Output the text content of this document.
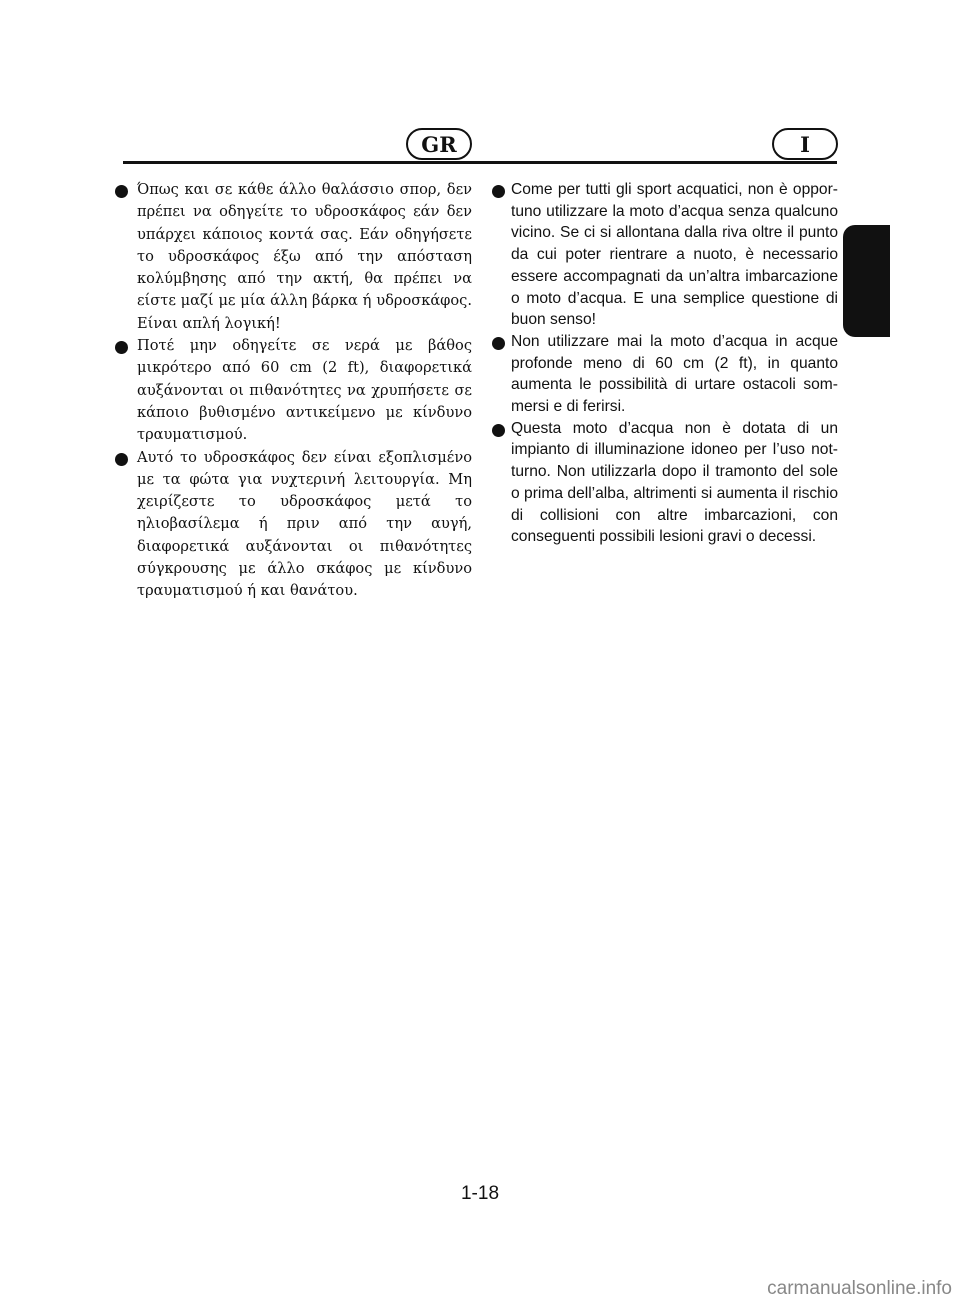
GR	I
Όπως και σε κάθε άλλο θαλάσσιο σπορ, δεν πρέπει να οδηγείτε το υδροσκάφος εάν δεν υπάρχει κάποιος κοντά σας. Εάν οδηγήσετε το υδροσκάφος έξω από την απόσταση κολύμβησης από την ακτή, θα πρέπει να είστε μαζί με μία άλλη βάρκα ή υδροσκάφος. Είναι απλή λογική!
Ποτέ μην οδηγείτε σε νερά με βάθος μικρότερο από 60 cm (2 ft), διαφορετικά αυξάνονται οι πιθανότητες να χρυπήσετε σε κάποιο βυθισμένο αντικείμενο με κίνδυνο τραυματισμού.
Αυτό το υδροσκάφος δεν είναι εξοπλισμένο με τα φώτα για νυχτερινή λειτουργία. Μη χειρίζεστε το υδροσκάφος μετά το ηλιοβασίλεμα ή πριν από την αυγή, διαφορετικά αυξάνονται οι πιθανότητες σύγκρουσης με άλλο σκάφος με κίνδυνο τραυματισμού ή και θανάτου.
Come per tutti gli sport acquatici, non è opportuno utilizzare la moto d’acqua senza qualcuno vicino. Se ci si allontana dalla riva oltre il punto da cui poter rientrare a nuoto, è necessario essere accompagnati da un’altra imbarcazione o moto d’acqua. E una semplice questione di buon senso!
Non utilizzare mai la moto d’acqua in acque profonde meno di 60 cm (2 ft), in quanto aumenta le possibilità di urtare ostacoli sommersi e di ferirsi.
Questa moto d’acqua non è dotata di un impianto di illuminazione idoneo per l’uso notturno. Non utilizzarla dopo il tramonto del sole o prima dell’alba, altrimenti si aumenta il rischio di collisioni con altre imbarcazioni, con conseguenti possibili lesioni gravi o decessi.
1-18
carmanualsonline.info
